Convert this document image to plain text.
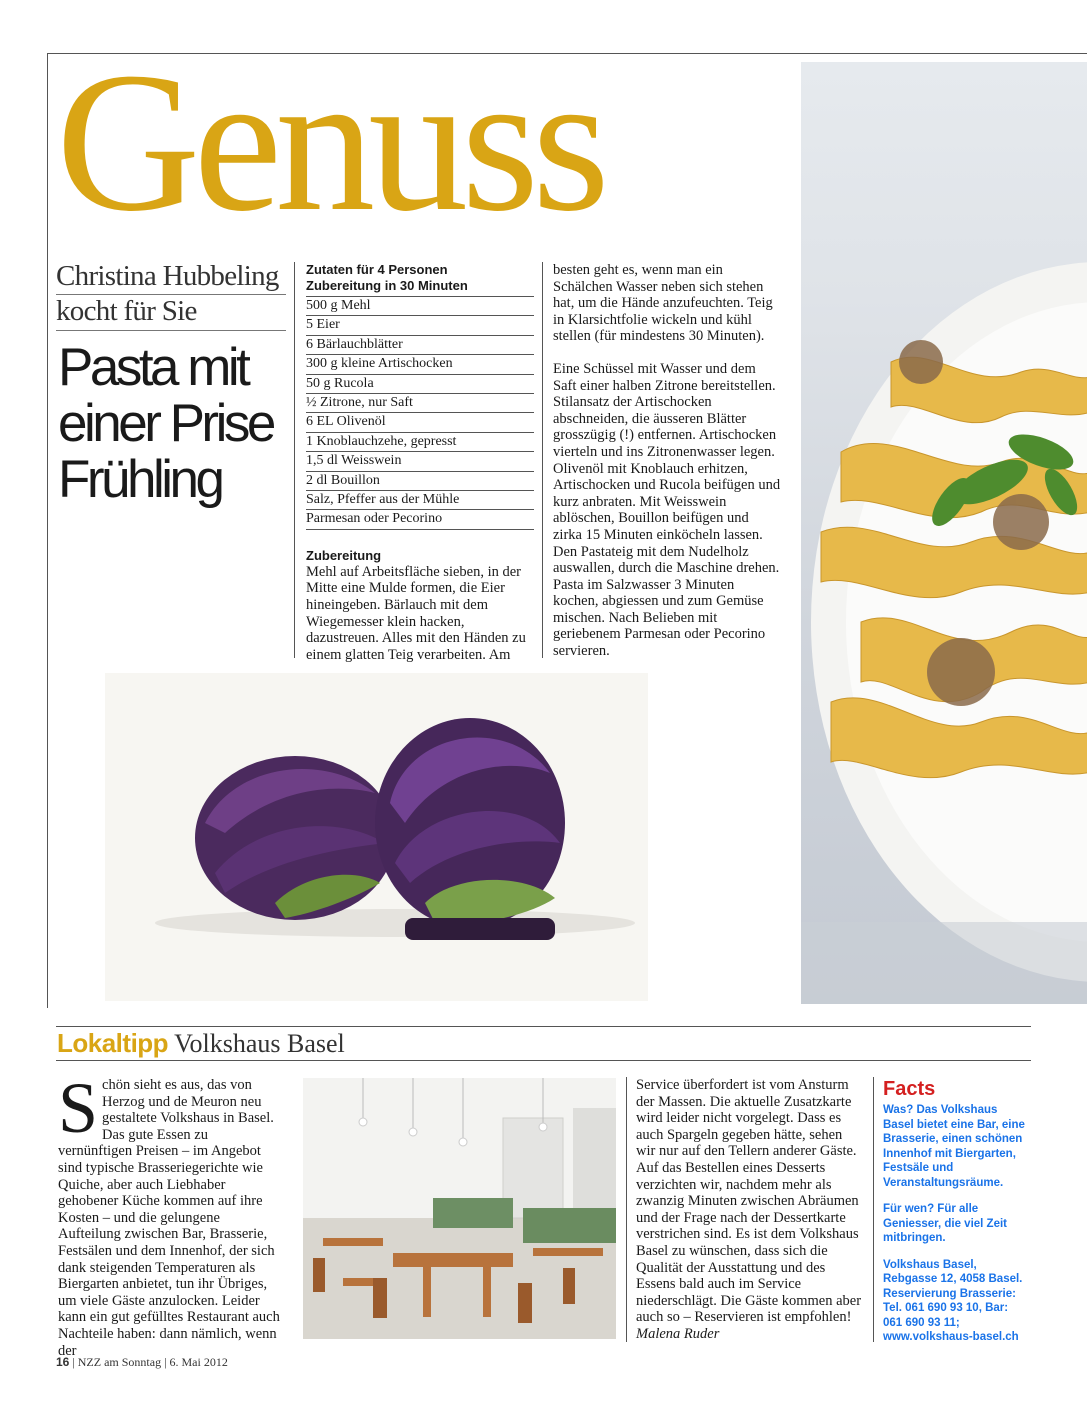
Genuss
Christina Hubbeling
kocht für Sie
Pasta mit
einer Prise
Frühling
Zutaten für 4 Personen
Zubereitung in 30 Minuten
500 g Mehl
5 Eier
6 Bärlauchblätter
300 g kleine Artischocken
50 g Rucola
½ Zitrone, nur Saft
6 EL Olivenöl
1 Knoblauchzehe, gepresst
1,5 dl Weisswein
2 dl Bouillon
Salz, Pfeffer aus der Mühle
Parmesan oder Pecorino
Zubereitung

Mehl auf Arbeitsfläche sieben, in der Mitte eine Mulde formen, die Eier hineingeben. Bärlauch mit dem Wiegemesser klein hacken, dazustreuen. Alles mit den Händen zu einem glatten Teig verarbeiten. Am

besten geht es, wenn man ein Schälchen Wasser neben sich stehen hat, um die Hände anzufeuchten. Teig in Klarsichtfolie wickeln und kühl stellen (für mindestens 30 Minuten).

Eine Schüssel mit Wasser und dem Saft einer halben Zitrone bereitstellen. Stilansatz der Artischocken abschneiden, die äusseren Blätter grosszügig (!) entfernen. Artischocken vierteln und ins Zitronenwasser legen. Olivenöl mit Knoblauch erhitzen, Artischocken und Rucola beifügen und kurz anbraten. Mit Weisswein ablöschen, Bouillon beifügen und zirka 15 Minuten einköcheln lassen. Den Pastateig mit dem Nudelholz auswallen, durch die Maschine drehen. Pasta im Salzwasser 3 Minuten kochen, abgiessen und zum Gemüse mischen. Nach Belieben mit geriebenem Parmesan oder Pecorino servieren.

Lokaltipp Volkshaus Basel
S chön sieht es aus, das von Herzog und de Meuron neu gestaltete Volkshaus in Basel. Das gute Essen zu vernünftigen Preisen – im Angebot sind typische Brasseriegerichte wie Quiche, aber auch Liebhaber gehobener Küche kommen auf ihre Kosten – und die gelungene Aufteilung zwischen Bar, Brasserie, Festsälen und dem Innenhof, der sich dank steigenden Temperaturen als Biergarten anbietet, tun ihr Übriges, um viele Gäste anzulocken. Leider kann ein gut gefülltes Restaurant auch Nachteile haben: dann nämlich, wenn der

Service überfordert ist vom Ansturm der Massen. Die aktuelle Zusatzkarte wird leider nicht vorgelegt. Dass es auch Spargeln gegeben hätte, sehen wir nur auf den Tellern anderer Gäste. Auf das Bestellen eines Desserts verzichten wir, nachdem mehr als zwanzig Minuten zwischen Abräumen und der Frage nach der Dessertkarte verstrichen sind. Es ist dem Volkshaus Basel zu wünschen, dass sich die Qualität der Ausstattung und des Essens bald auch im Service niederschlägt. Die Gäste kommen aber auch so – Reservieren ist empfohlen! Malena Ruder

Facts

Was? Das Volkshaus Basel bietet eine Bar, eine Brasserie, einen schönen Innenhof mit Biergarten, Festsäle und Veranstaltungsräume.

Für wen? Für alle Geniesser, die viel Zeit mitbringen.

Volkshaus Basel, Rebgasse 12, 4058 Basel. Reservierung Brasserie: Tel. 061 690 93 10, Bar: 061 690 93 11; www.volkshaus-basel.ch

16 | NZZ am Sonntag | 6. Mai 2012
